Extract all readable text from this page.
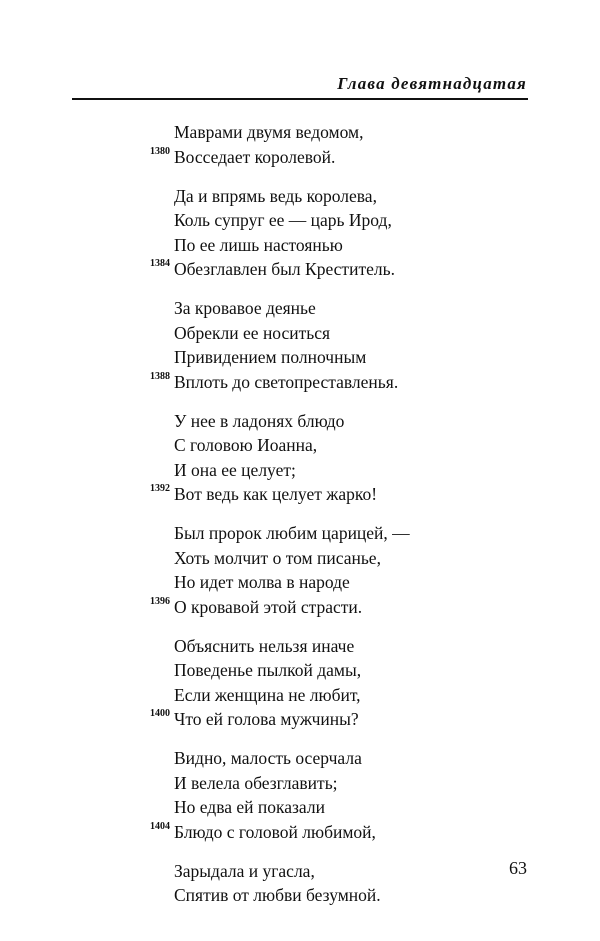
Глава девятнадцатая
Маврами двумя ведомом,
1380 Восседает королевой.
Да и впрямь ведь королева,
Коль супруг ее — царь Ирод,
По ее лишь настоянью
1384 Обезглавлен был Креститель.
За кровавое деянье
Обрекли ее носиться
Привидением полночным
1388 Вплоть до светопреставленья.
У нее в ладонях блюдо
С головою Иоанна,
И она ее целует;
1392 Вот ведь как целует жарко!
Был пророк любим царицей, —
Хоть молчит о том писанье,
Но идет молва в народе
1396 О кровавой этой страсти.
Объяснить нельзя иначе
Поведенье пылкой дамы,
Если женщина не любит,
1400 Что ей голова мужчины?
Видно, малость осерчала
И велела обезглавить;
Но едва ей показали
1404 Блюдо с головой любимой,
Зарыдала и угасла,
Спятив от любви безумной.
63
